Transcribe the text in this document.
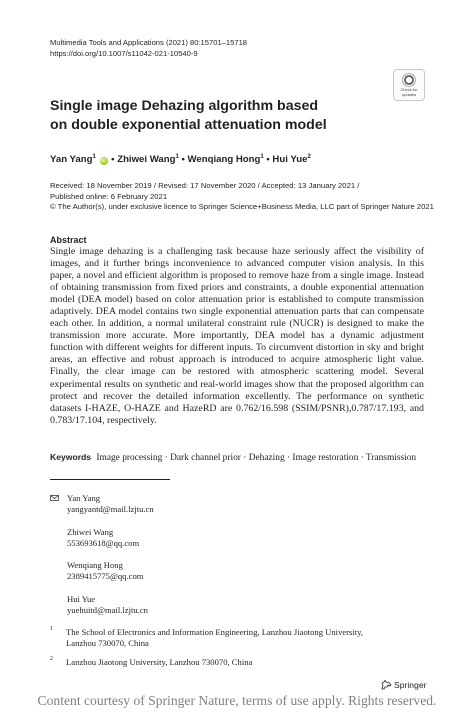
Multimedia Tools and Applications (2021) 80:15701–15718
https://doi.org/10.1007/s11042-021-10540-9
Check for
updates
Single image Dehazing algorithm based
on double exponential attenuation model
Yan Yang$^1$ iD • Zhiwei Wang$^1$ • Wenqiang Hong$^1$ • Hui Yue$^2$
Received: 18 November 2019 / Revised: 17 November 2020 / Accepted: 13 January 2021 /
Published online: 6 February 2021
© The Author(s), under exclusive licence to Springer Science+Business Media, LLC part of Springer Nature 2021
Abstract
Single image dehazing is a challenging task because haze seriously affect the visibility of images, and it further brings inconvenience to advanced computer vision analysis. In this paper, a novel and efficient algorithm is proposed to remove haze from a single image. Instead of obtaining transmission from fixed priors and constraints, a double exponential attenuation model (DEA model) based on color attenuation prior is established to compute transmission adaptively. DEA model contains two single exponential attenuation parts that can compensate each other. In addition, a normal unilateral constraint rule (NUCR) is designed to make the transmission more accurate. More importantly, DEA model has a dynamic adjustment function with different weights for different inputs. To circumvent distortion in sky and bright areas, an effective and robust approach is introduced to acquire atmospheric light value. Finally, the clear image can be restored with atmospheric scattering model. Several experimental results on synthetic and real-world images show that the proposed algorithm can protect and recover the detailed information excellently. The performance on synthetic datasets I-HAZE, O-HAZE and HazeRD are 0.762/16.598 (SSIM/PSNR),0.787/17.193, and 0.783/17.104, respectively.
Keywords Image processing · Dark channel prior · Dehazing · Image restoration · Transmission
Yan Yang
yangyantd@mail.lzjtu.cn
Zhiwei Wang
553693618@qq.com
Wenqiang Hong
2389415775@qq.com
Hui Yue
yuehuitd@mail.lzjtu.cn
1 The School of Electronics and Information Engineering, Lanzhou Jiaotong University,
Lanzhou 730070, China
2 Lanzhou Jiaotong University, Lanzhou 730070, China
Springer
Content courtesy of Springer Nature, terms of use apply. Rights reserved.
